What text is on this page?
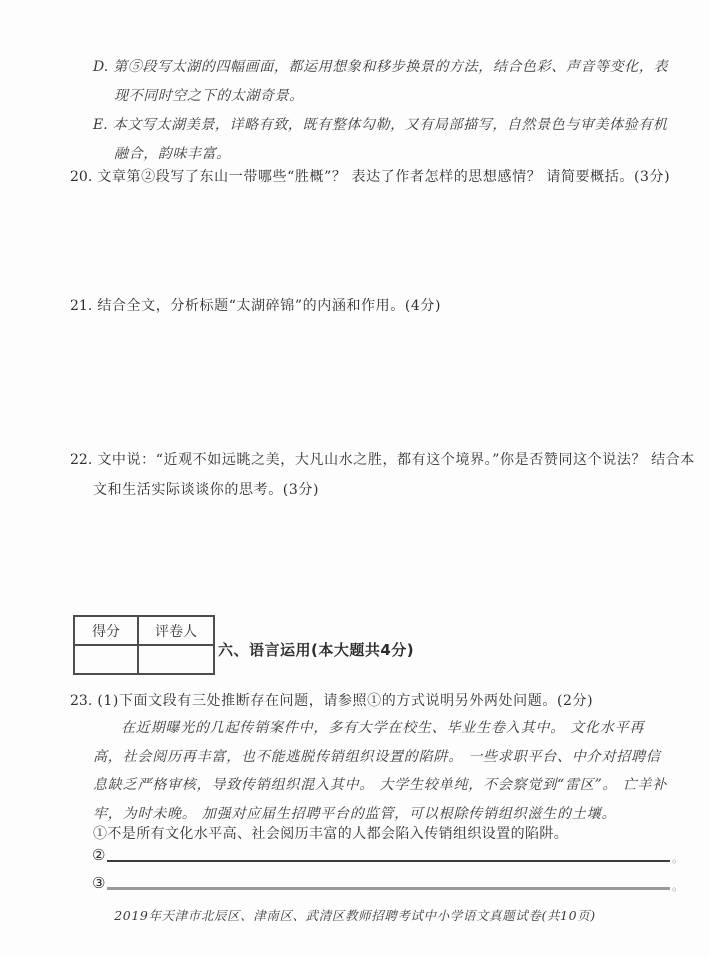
D. 第⑤段写太湖的四幅画面，都运用想象和移步换景的方法，结合色彩、声音等变化，表现不同时空之下的太湖奇景。
E. 本文写太湖美景，详略有致，既有整体勾勒，又有局部描写，自然景色与审美体验有机融合，韵味丰富。
20. 文章第②段写了东山一带哪些“胜概”？ 表达了作者怎样的思想感情？ 请简要概括。(3分)
21. 结合全文，分析标题“太湖碎锦”的内涵和作用。(4分)
22. 文中说：“近观不如远眺之美，大凡山水之胜，都有这个境界。”你是否赞同这个说法？ 结合本文和生活实际谈谈你的思考。(3分)
得分	评卷人

六、语言运用(本大题共4分)
23. (1)下面文段有三处推断存在问题，请参照①的方式说明另外两处问题。(2分)
在近期曝光的几起传销案件中，多有大学在校生、毕业生卷入其中。 文化水平再高，社会阅历再丰富，也不能逃脱传销组织设置的陷阱。 一些求职平台、中介对招聘信息缺乏严格审核，导致传销组织混入其中。 大学生较单纯，不会察觉到“雷区”。 亡羊补牢，为时未晚。 加强对应届生招聘平台的监管，可以根除传销组织滋生的土壤。
①不是所有文化水平高、社会阅历丰富的人都会陷入传销组织设置的陷阱。
②	。
③	。
2019年天津市北辰区、津南区、武清区教师招聘考试中小学语文真题试卷(共10页)
